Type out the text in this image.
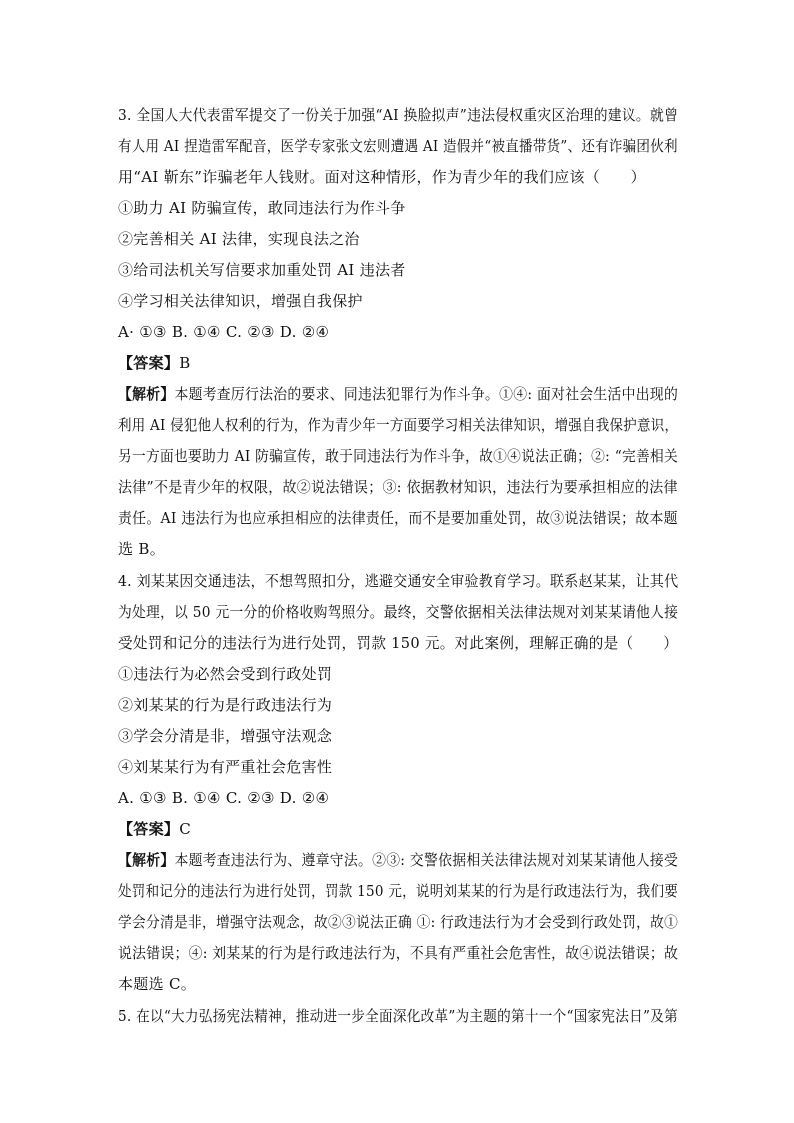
3. 全国人大代表雷军提交了一份关于加强“AI 换脸拟声”违法侵权重灾区治理的建议。就曾
有人用 AI 捏造雷军配音，医学专家张文宏则遭遇 AI 造假并“被直播带货”、还有诈骗团伙利
用“AI 靳东”诈骗老年人钱财。面对这种情形，作为青少年的我们应该（　　）
①助力 AI 防骗宣传，敢同违法行为作斗争
②完善相关 AI 法律，实现良法之治
③给司法机关写信要求加重处罚 AI 违法者
④学习相关法律知识，增强自我保护
A· ①③ B. ①④ C. ②③ D. ②④
【答案】B
【解析】本题考查厉行法治的要求、同违法犯罪行为作斗争。①④: 面对社会生活中出现的
利用 AI 侵犯他人权利的行为，作为青少年一方面要学习相关法律知识，增强自我保护意识，
另一方面也要助力 AI 防骗宣传，敢于同违法行为作斗争，故①④说法正确；②: “完善相关
法律”不是青少年的权限，故②说法错误；③: 依据教材知识，违法行为要承担相应的法律
责任。AI 违法行为也应承担相应的法律责任，而不是要加重处罚，故③说法错误；故本题
选 B。
4. 刘某某因交通违法，不想驾照扣分，逃避交通安全审验教育学习。联系赵某某，让其代
为处理，以 50 元一分的价格收购驾照分。最终，交警依据相关法律法规对刘某某请他人接
受处罚和记分的违法行为进行处罚，罚款 150 元。对此案例，理解正确的是（　　）
①违法行为必然会受到行政处罚
②刘某某的行为是行政违法行为
③学会分清是非，增强守法观念
④刘某某行为有严重社会危害性
A. ①③ B. ①④ C. ②③ D. ②④
【答案】C
【解析】本题考查违法行为、遵章守法。②③: 交警依据相关法律法规对刘某某请他人接受
处罚和记分的违法行为进行处罚，罚款 150 元，说明刘某某的行为是行政违法行为，我们要
学会分清是非，增强守法观念，故②③说法正确 ①: 行政违法行为才会受到行政处罚，故①
说法错误；④: 刘某某的行为是行政违法行为，不具有严重社会危害性，故④说法错误；故
本题选 C。
5. 在以“大力弘扬宪法精神，推动进一步全面深化改革”为主题的第十一个“国家宪法日”及第
